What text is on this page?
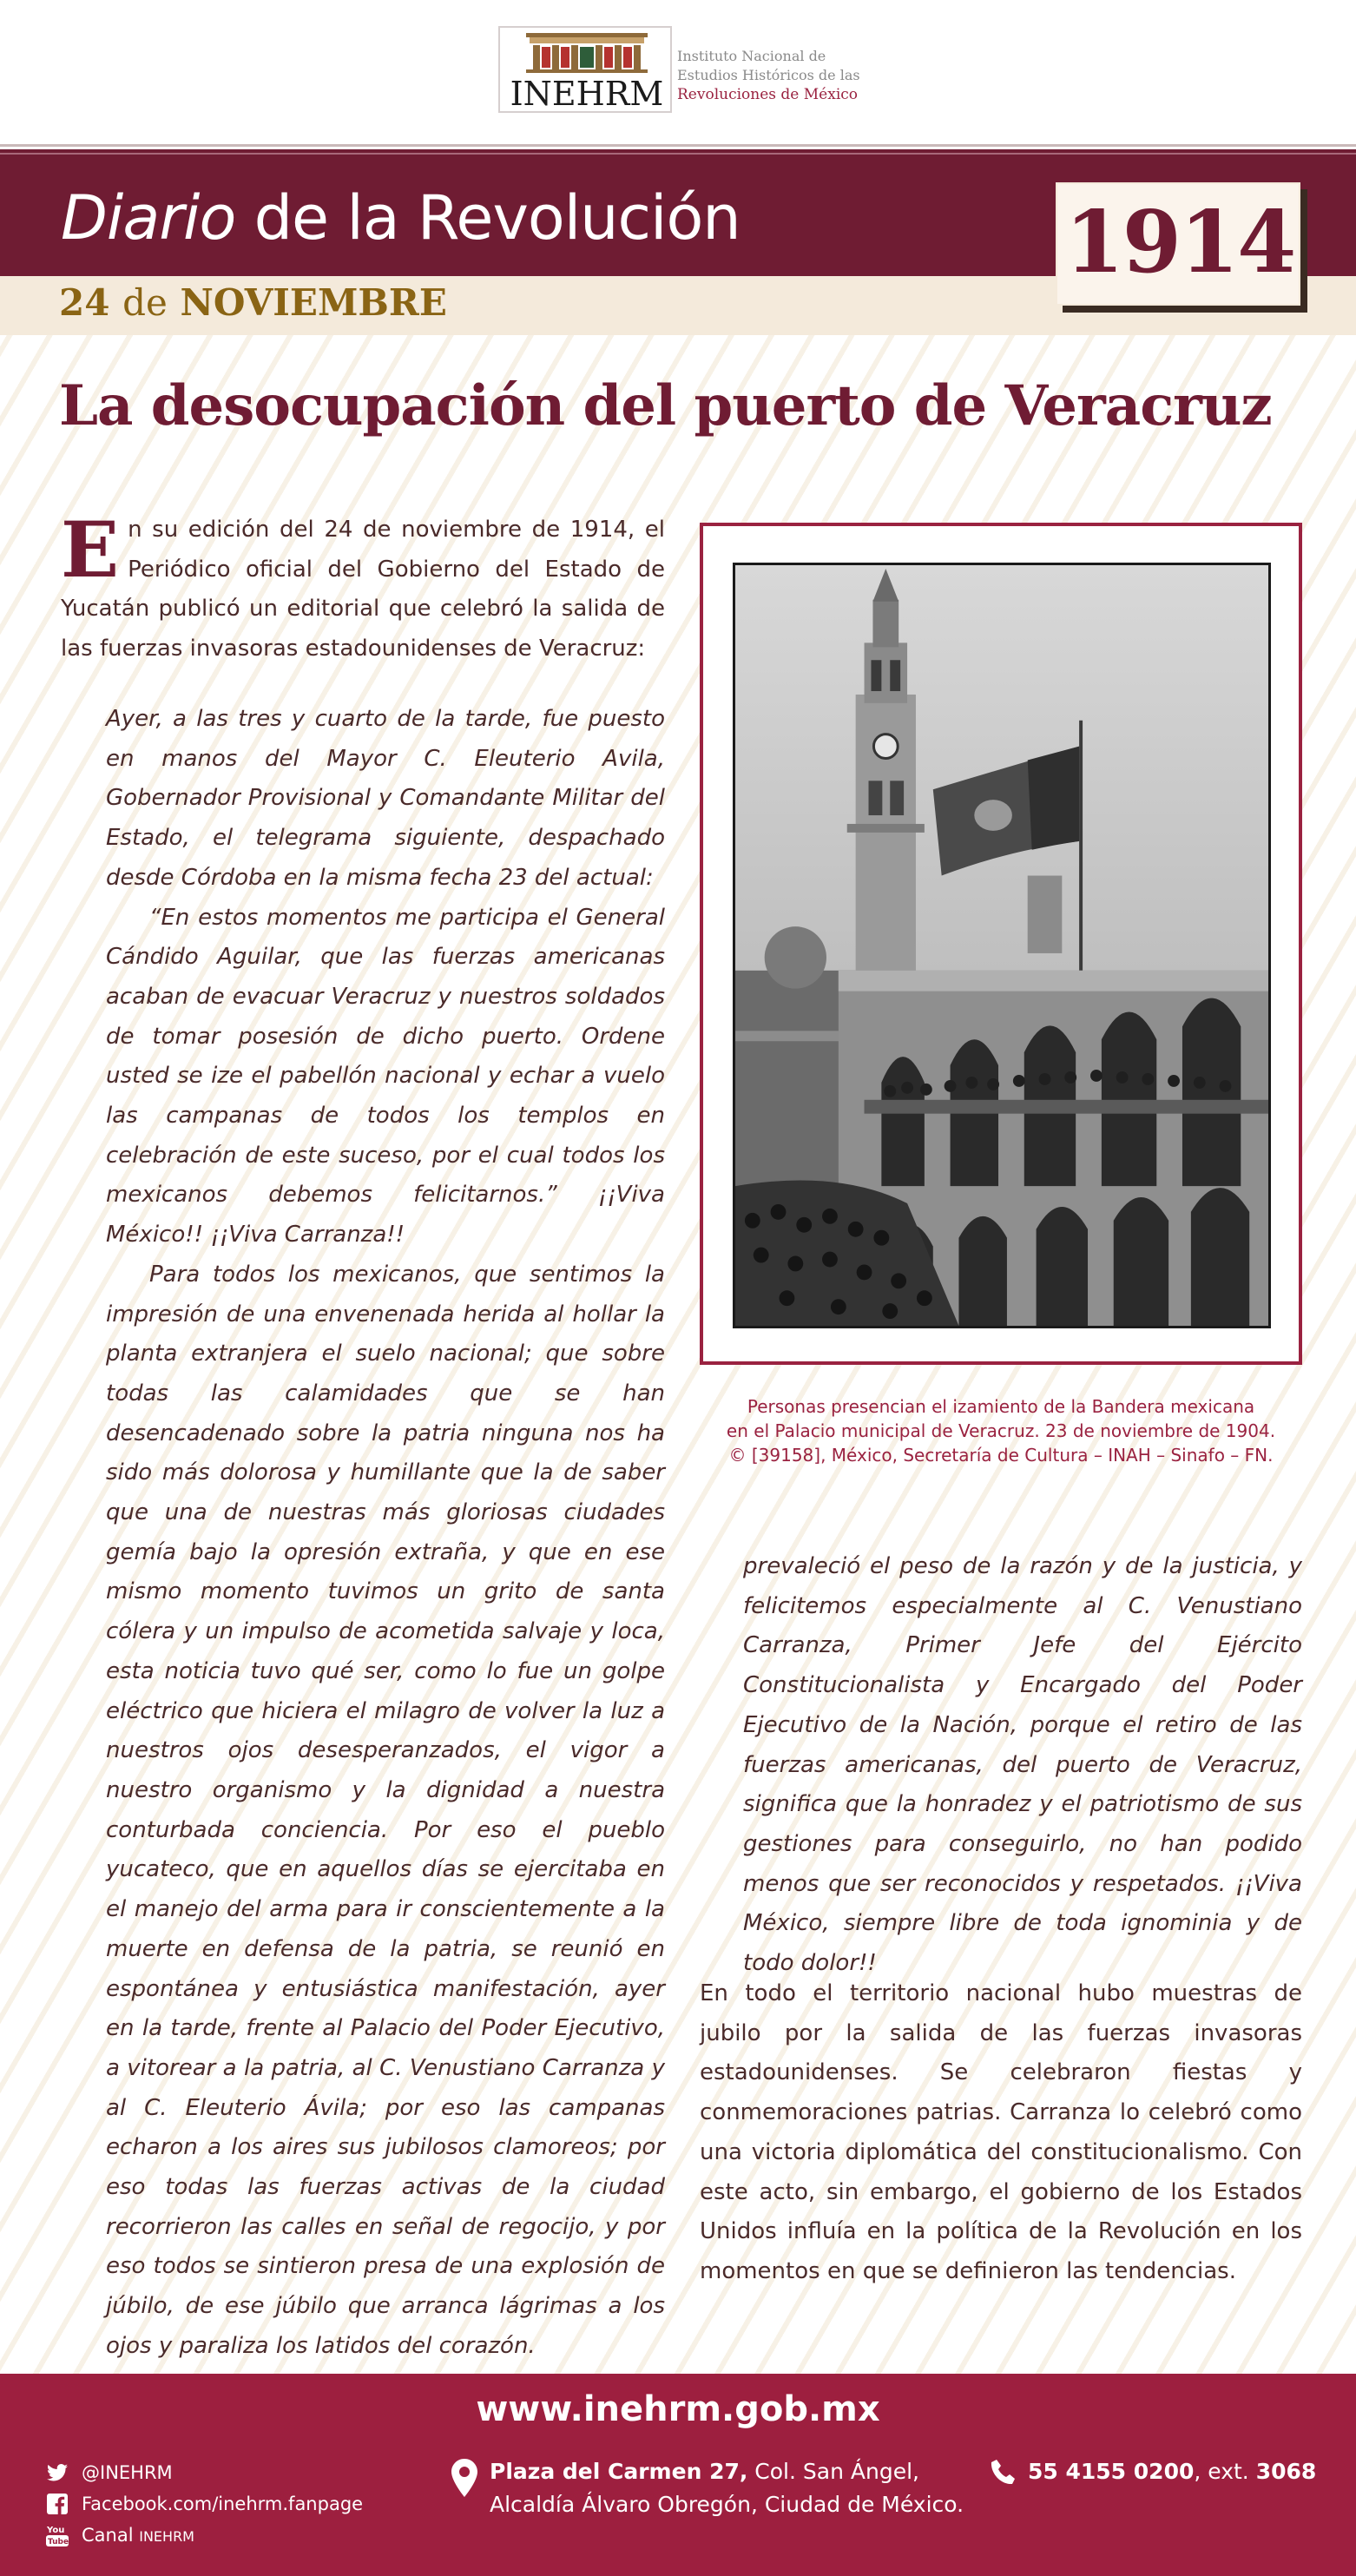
INEHRM
Instituto Nacional de
Estudios Históricos de las
Revoluciones de México
Diario de la Revolución
24 de NOVIEMBRE
1914
La desocupación del puerto de Veracruz
En su edición del 24 de noviembre de 1914, el Periódico oficial del Gobierno del Estado de Yucatán publicó un editorial que celebró la salida de las fuerzas invasoras estadounidenses de Veracruz:

Ayer, a las tres y cuarto de la tarde, fue puesto en manos del Mayor C. Eleuterio Avila, Gobernador Provisional y Comandante Militar del Estado, el telegrama siguiente, despachado desde Córdoba en la misma fecha 23 del actual:

“En estos momentos me participa el General Cándido Aguilar, que las fuerzas americanas acaban de evacuar Veracruz y nuestros soldados de tomar posesión de dicho puerto. Ordene usted se ize el pabellón nacional y echar a vuelo las campanas de todos los templos en celebración de este suceso, por el cual todos los mexicanos debemos felicitarnos.” ¡¡Viva México!! ¡¡Viva Carranza!!

Para todos los mexicanos, que sentimos la impresión de una envenenada herida al hollar la planta extranjera el suelo nacional; que sobre todas las calamidades que se han desencadenado sobre la patria ninguna nos ha sido más dolorosa y humillante que la de saber que una de nuestras más gloriosas ciudades gemía bajo la opresión extraña, y que en ese mismo momento tuvimos un grito de santa cólera y un impulso de acometida salvaje y loca, esta noticia tuvo qué ser, como lo fue un golpe eléctrico que hiciera el milagro de volver la luz a nuestros ojos desesperanzados, el vigor a nuestro organismo y la dignidad a nuestra conturbada conciencia. Por eso el pueblo yucateco, que en aquellos días se ejercitaba en el manejo del arma para ir conscientemente a la muerte en defensa de la patria, se reunió en espontánea y entusiástica manifestación, ayer en la tarde, frente al Palacio del Poder Ejecutivo, a vitorear a la patria, al C. Venustiano Carranza y al C. Eleuterio Ávila; por eso las campanas echaron a los aires sus jubilosos clamoreos; por eso todas las fuerzas activas de la ciudad recorrieron las calles en señal de regocijo, y por eso todos se sintieron presa de una explosión de júbilo, de ese júbilo que arranca lágrimas a los ojos y paraliza los latidos del corazón.

Personas presencian el izamiento de la Bandera mexicana
en el Palacio municipal de Veracruz. 23 de noviembre de 1904.
© [39158], México, Secretaría de Cultura – INAH – Sinafo – FN.
prevaleció el peso de la razón y de la justicia, y felicitemos especialmente al C. Venustiano Carranza, Primer Jefe del Ejército Constitucionalista y Encargado del Poder Ejecutivo de la Nación, porque el retiro de las fuerzas americanas, del puerto de Veracruz, significa que la honradez y el patriotismo de sus gestiones para conseguirlo, no han podido menos que ser reconocidos y respetados. ¡¡Viva México, siempre libre de toda ignominia y de todo dolor!!
En todo el territorio nacional hubo muestras de jubilo por la salida de las fuerzas invasoras estadounidenses. Se celebraron fiestas y conmemoraciones patrias. Carranza lo celebró como una victoria diplomática del constitucionalismo. Con este acto, sin embargo, el gobierno de los Estados Unidos influía en la política de la Revolución en los momentos en que se definieron las tendencias.
www.inehrm.gob.mx
@INEHRM
Facebook.com/inehrm.fanpage
You
Tube Canal INEHRM
Plaza del Carmen 27, Col. San Ángel,
Alcaldía Álvaro Obregón, Ciudad de México.
55 4155 0200, ext. 3068
